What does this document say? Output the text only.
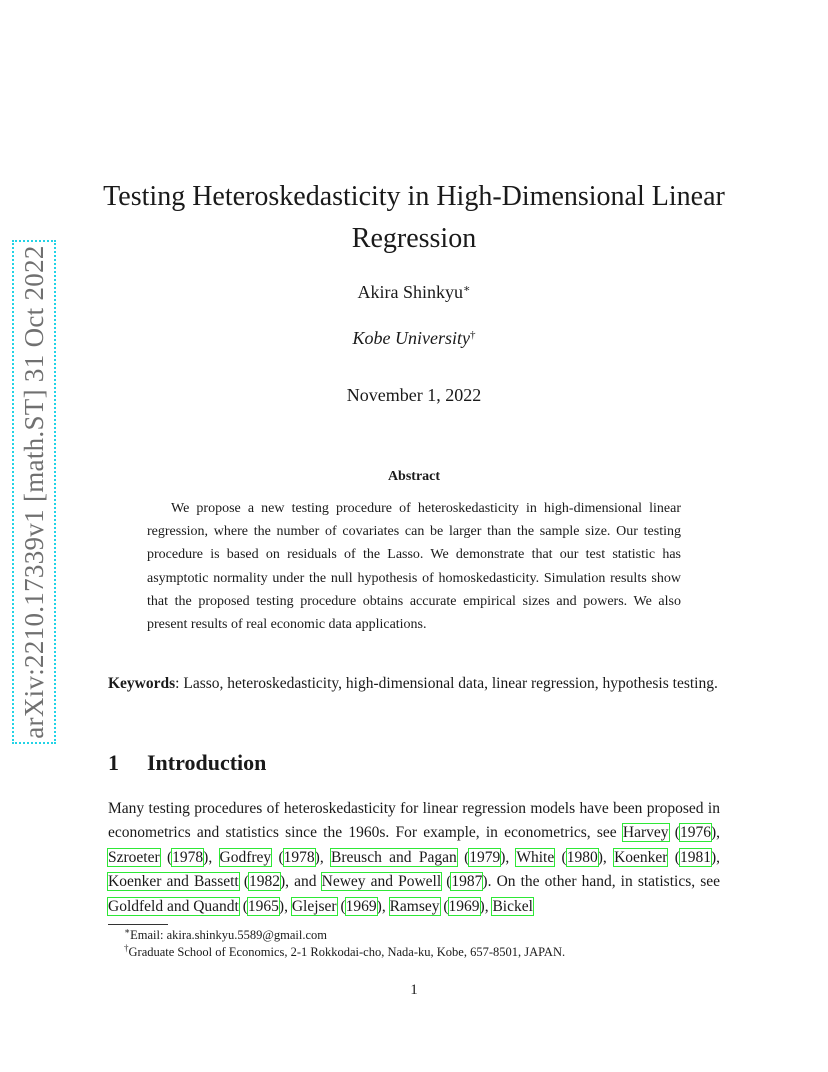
arXiv:2210.17339v1 [math.ST] 31 Oct 2022
Testing Heteroskedasticity in High-Dimensional Linear Regression
Akira Shinkyu∗
Kobe University†
November 1, 2022
Abstract
We propose a new testing procedure of heteroskedasticity in high-dimensional linear regression, where the number of covariates can be larger than the sample size. Our testing procedure is based on residuals of the Lasso. We demonstrate that our test statistic has asymptotic normality under the null hypothesis of homoskedasticity. Simulation results show that the proposed testing procedure obtains accurate empirical sizes and powers. We also present results of real economic data applications.
Keywords: Lasso, heteroskedasticity, high-dimensional data, linear regression, hypothesis testing.
1 Introduction
Many testing procedures of heteroskedasticity for linear regression models have been proposed in econometrics and statistics since the 1960s. For example, in econometrics, see Harvey (1976), Szroeter (1978), Godfrey (1978), Breusch and Pagan (1979), White (1980), Koenker (1981), Koenker and Bassett (1982), and Newey and Powell (1987). On the other hand, in statistics, see Goldfeld and Quandt (1965), Glejser (1969), Ramsey (1969), Bickel
∗Email: akira.shinkyu.5589@gmail.com
†Graduate School of Economics, 2-1 Rokkodai-cho, Nada-ku, Kobe, 657-8501, JAPAN.
1
